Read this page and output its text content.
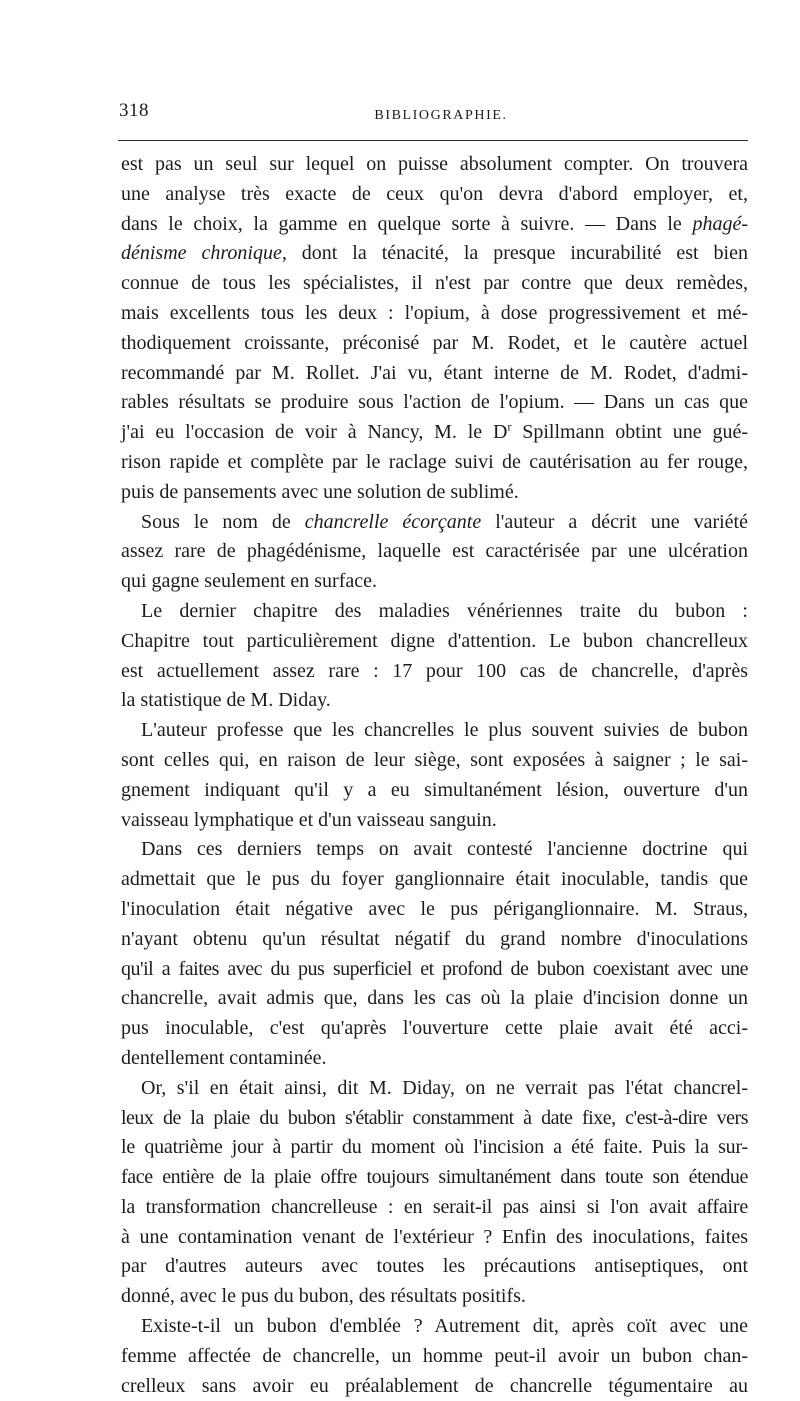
318	BIBLIOGRAPHIE.
est pas un seul sur lequel on puisse absolument compter. On trouvera
une analyse très exacte de ceux qu'on devra d'abord employer, et,
dans le choix, la gamme en quelque sorte à suivre. — Dans le phagé-
dénisme chronique, dont la ténacité, la presque incurabilité est bien
connue de tous les spécialistes, il n'est par contre que deux remèdes,
mais excellents tous les deux : l'opium, à dose progressivement et mé-
thodiquement croissante, préconisé par M. Rodet, et le cautère actuel
recommandé par M. Rollet. J'ai vu, étant interne de M. Rodet, d'admi-
rables résultats se produire sous l'action de l'opium. — Dans un cas que
j'ai eu l'occasion de voir à Nancy, M. le $D^r$ Spillmann obtint une gué-
rison rapide et complète par le raclage suivi de cautérisation au fer rouge,
puis de pansements avec une solution de sublimé.
Sous le nom de chancrelle écorçante l'auteur a décrit une variété
assez rare de phagédénisme, laquelle est caractérisée par une ulcération
qui gagne seulement en surface.
Le dernier chapitre des maladies vénériennes traite du bubon :
Chapitre tout particulièrement digne d'attention. Le bubon chancrelleux
est actuellement assez rare : 17 pour 100 cas de chancrelle, d'après
la statistique de M. Diday.
L'auteur professe que les chancrelles le plus souvent suivies de bubon
sont celles qui, en raison de leur siège, sont exposées à saigner ; le sai-
gnement indiquant qu'il y a eu simultanément lésion, ouverture d'un
vaisseau lymphatique et d'un vaisseau sanguin.
Dans ces derniers temps on avait contesté l'ancienne doctrine qui
admettait que le pus du foyer ganglionnaire était inoculable, tandis que
l'inoculation était négative avec le pus périganglionnaire. M. Straus,
n'ayant obtenu qu'un résultat négatif du grand nombre d'inoculations
qu'il a faites avec du pus superficiel et profond de bubon coexistant avec une
chancrelle, avait admis que, dans les cas où la plaie d'incision donne un
pus inoculable, c'est qu'après l'ouverture cette plaie avait été acci-
dentellement contaminée.
Or, s'il en était ainsi, dit M. Diday, on ne verrait pas l'état chancrel-
leux de la plaie du bubon s'établir constamment à date fixe, c'est-à-dire vers
le quatrième jour à partir du moment où l'incision a été faite. Puis la sur-
face entière de la plaie offre toujours simultanément dans toute son étendue
la transformation chancrelleuse : en serait-il pas ainsi si l'on avait affaire
à une contamination venant de l'extérieur ? Enfin des inoculations, faites
par d'autres auteurs avec toutes les précautions antiseptiques, ont
donné, avec le pus du bubon, des résultats positifs.
Existe-t-il un bubon d'emblée ? Autrement dit, après coït avec une
femme affectée de chancrelle, un homme peut-il avoir un bubon chan-
crelleux sans avoir eu préalablement de chancrelle tégumentaire au
